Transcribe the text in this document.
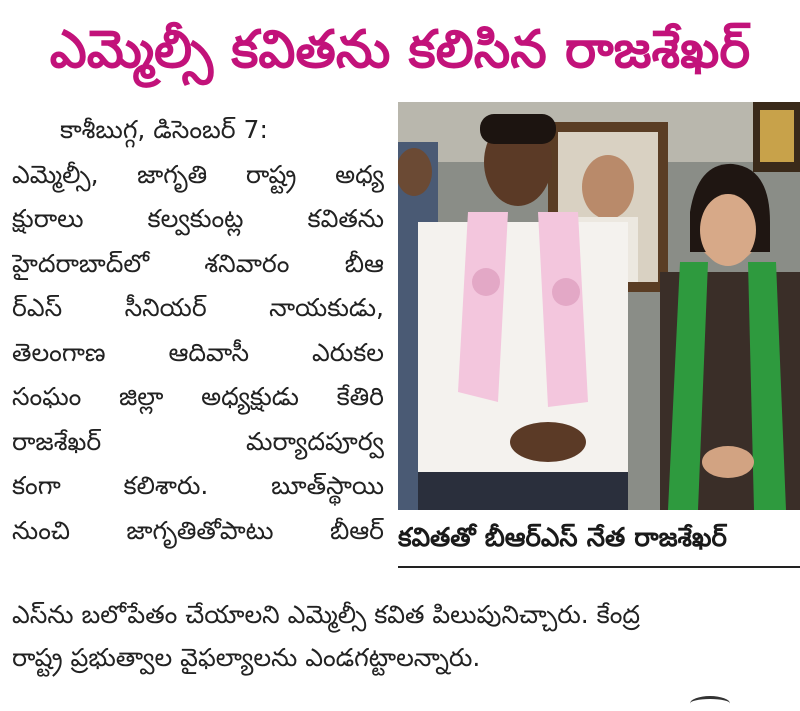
ఎమ్మెల్సీ కవితను కలిసిన రాజశేఖర్
కాశీబుగ్గ, డిసెంబర్ 7:
ఎమ్మెల్సీ, జాగృతి రాష్ట్ర అధ్య
క్షురాలు కల్వకుంట్ల కవితను
హైదరాబాద్‌లో శనివారం బీఆ
ర్‌ఎస్ సీనియర్ నాయకుడు,
తెలంగాణ ఆదివాసీ ఎరుకల
సంఘం జిల్లా అధ్యక్షుడు కేతిరి
రాజశేఖర్ మర్యాదపూర్వ
కంగా కలిశారు. బూత్‌స్థాయి
నుంచి జాగృతితోపాటు బీఆర్ కవితతో బీఆర్‌ఎస్ నేత రాజశేఖర్
ఎస్‌ను బలోపేతం చేయాలని ఎమ్మెల్సీ కవిత పిలుపునిచ్చారు. కేంద్ర
రాష్ట్ర ప్రభుత్వాల వైఫల్యాలను ఎండగట్టాలన్నారు.
